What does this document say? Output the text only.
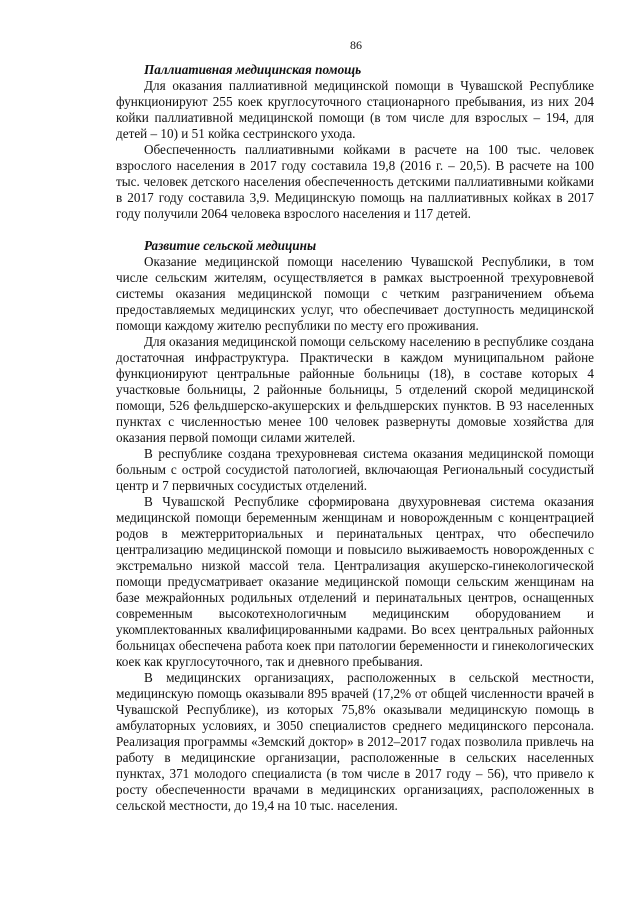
86

Паллиативная медицинская помощь

Для оказания паллиативной медицинской помощи в Чувашской Республике функционируют 255 коек круглосуточного стационарного пребывания, из них 204 койки паллиативной медицинской помощи (в том числе для взрослых – 194, для детей – 10) и 51 койка сестринского ухода.

Обеспеченность паллиативными койками в расчете на 100 тыс. человек взрослого населения в 2017 году составила 19,8 (2016 г. – 20,5). В расчете на 100 тыс. человек детского населения обеспеченность детскими паллиативными койками в 2017 году составила 3,9. Медицинскую помощь на паллиативных койках в 2017 году получили 2064 человека взрослого населения и 117 детей.

Развитие сельской медицины

Оказание медицинской помощи населению Чувашской Республики, в том числе сельским жителям, осуществляется в рамках выстроенной трехуровневой системы оказания медицинской помощи с четким разграничением объема предоставляемых медицинских услуг, что обеспечивает доступность медицинской помощи каждому жителю республики по месту его проживания.

Для оказания медицинской помощи сельскому населению в республике создана достаточная инфраструктура. Практически в каждом муниципальном районе функционируют центральные районные больницы (18), в составе которых 4 участковые больницы, 2 районные больницы, 5 отделений скорой медицинской помощи, 526 фельдшерско-акушерских и фельдшерских пунктов. В 93 населенных пунктах с численностью менее 100 человек развернуты домовые хозяйства для оказания первой помощи силами жителей.

В республике создана трехуровневая система оказания медицинской помощи больным с острой сосудистой патологией, включающая Региональный сосудистый центр и 7 первичных сосудистых отделений.

В Чувашской Республике сформирована двухуровневая система оказания медицинской помощи беременным женщинам и новорожденным с концентрацией родов в межтерриториальных и перинатальных центрах, что обеспечило централизацию медицинской помощи и повысило выживаемость новорожденных с экстремально низкой массой тела. Централизация акушерско-гинекологической помощи предусматривает оказание медицинской помощи сельским женщинам на базе межрайонных родильных отделений и перинатальных центров, оснащенных современным высокотехнологичным медицинским оборудованием и укомплектованных квалифицированными кадрами. Во всех центральных районных больницах обеспечена работа коек при патологии беременности и гинекологических коек как круглосуточного, так и дневного пребывания.

В медицинских организациях, расположенных в сельской местности, медицинскую помощь оказывали 895 врачей (17,2% от общей численности врачей в Чувашской Республике), из которых 75,8% оказывали медицинскую помощь в амбулаторных условиях, и 3050 специалистов среднего медицинского персонала. Реализация программы «Земский доктор» в 2012–2017 годах позволила привлечь на работу в медицинские организации, расположенные в сельских населенных пунктах, 371 молодого специалиста (в том числе в 2017 году – 56), что привело к росту обеспеченности врачами в медицинских организациях, расположенных в сельской местности, до 19,4 на 10 тыс. населения.
